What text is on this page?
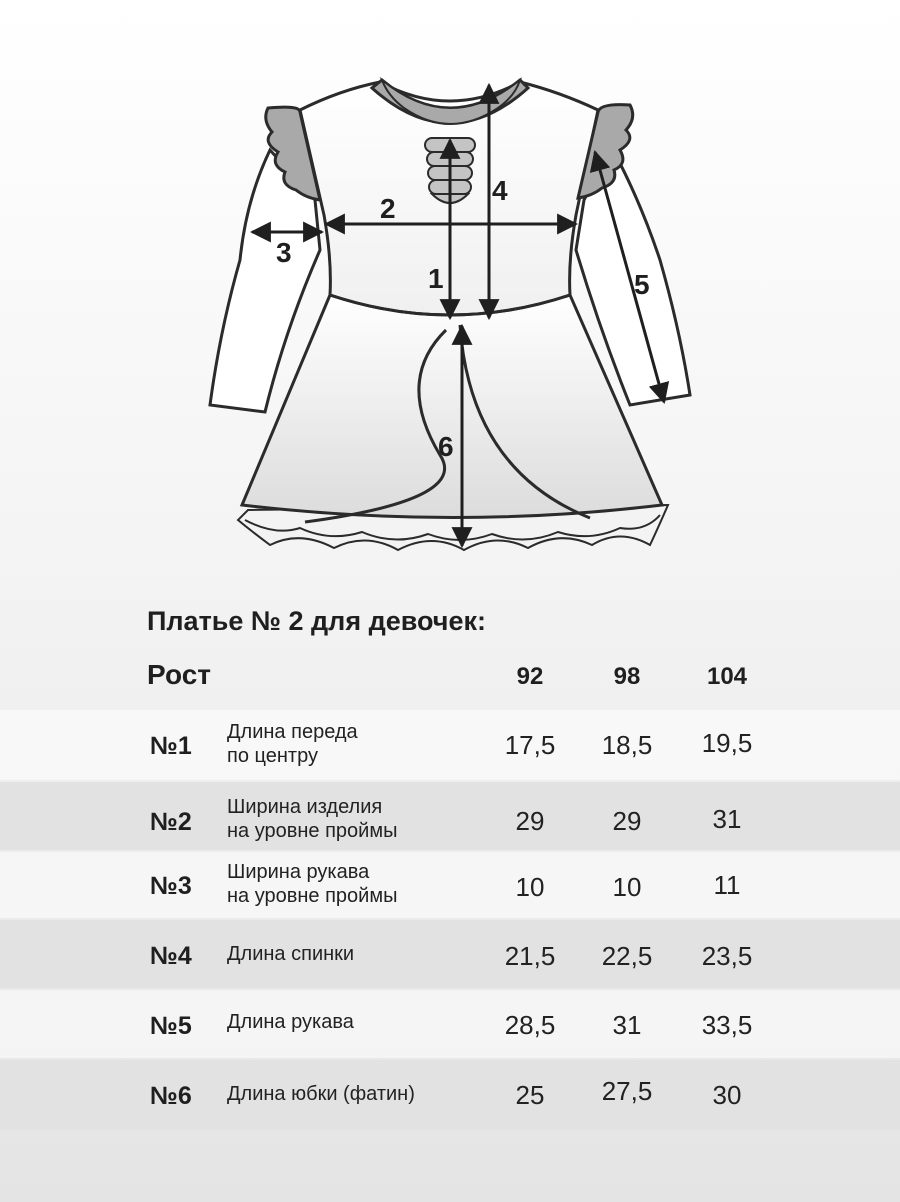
1
2
3
4
5
6
Платье № 2 для девочек:
Рост	92	98	104
№1 Длина переда
по центру	17,5	18,5	19,5
№2
Ширина изделия
на уровне проймы	29	29	31
№3 Ширина рукава
на уровне проймы	10	10	11
№4 Длина спинки	21,5	22,5	23,5
№5 Длина рукава	28,5	31	33,5
№6 Длина юбки (фатин)	25	27,5	30
